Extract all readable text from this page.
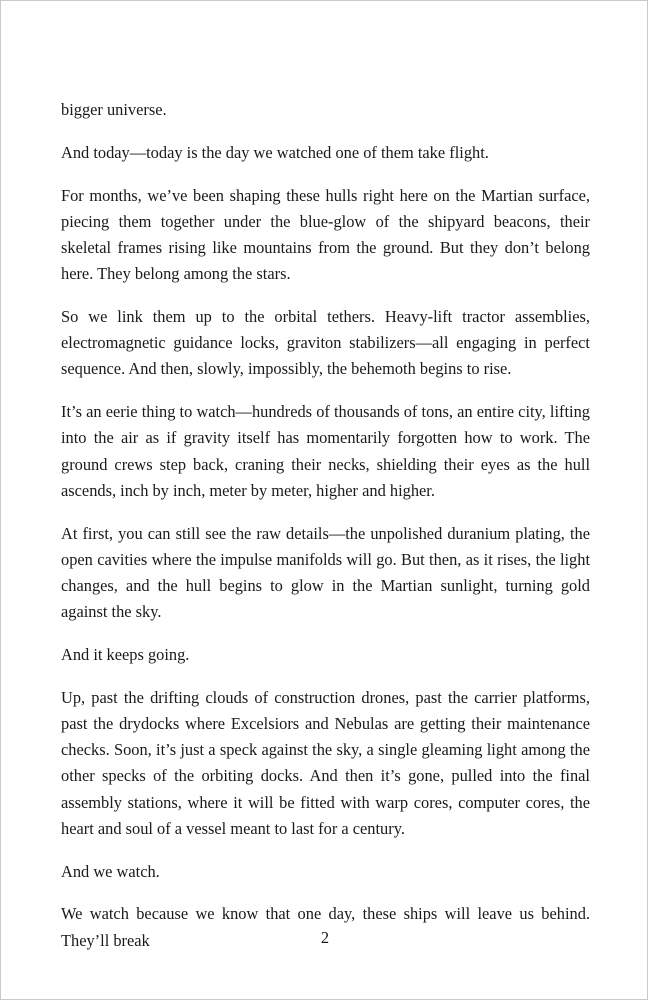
bigger universe.

And today—today is the day we watched one of them take flight.

For months, we’ve been shaping these hulls right here on the Martian surface, piecing them together under the blue-glow of the shipyard beacons, their skeletal frames rising like mountains from the ground. But they don’t belong here. They belong among the stars.

So we link them up to the orbital tethers. Heavy-lift tractor assemblies, electromagnetic guidance locks, graviton stabilizers—all engaging in perfect sequence. And then, slowly, impossibly, the behemoth begins to rise.

It’s an eerie thing to watch—hundreds of thousands of tons, an entire city, lifting into the air as if gravity itself has momentarily forgotten how to work. The ground crews step back, craning their necks, shielding their eyes as the hull ascends, inch by inch, meter by meter, higher and higher.

At first, you can still see the raw details—the unpolished duranium plating, the open cavities where the impulse manifolds will go. But then, as it rises, the light changes, and the hull begins to glow in the Martian sunlight, turning gold against the sky.

And it keeps going.

Up, past the drifting clouds of construction drones, past the carrier platforms, past the drydocks where Excelsiors and Nebulas are getting their maintenance checks. Soon, it’s just a speck against the sky, a single gleaming light among the other specks of the orbiting docks. And then it’s gone, pulled into the final assembly stations, where it will be fitted with warp cores, computer cores, the heart and soul of a vessel meant to last for a century.

And we watch.

We watch because we know that one day, these ships will leave us behind. They’ll break	2
